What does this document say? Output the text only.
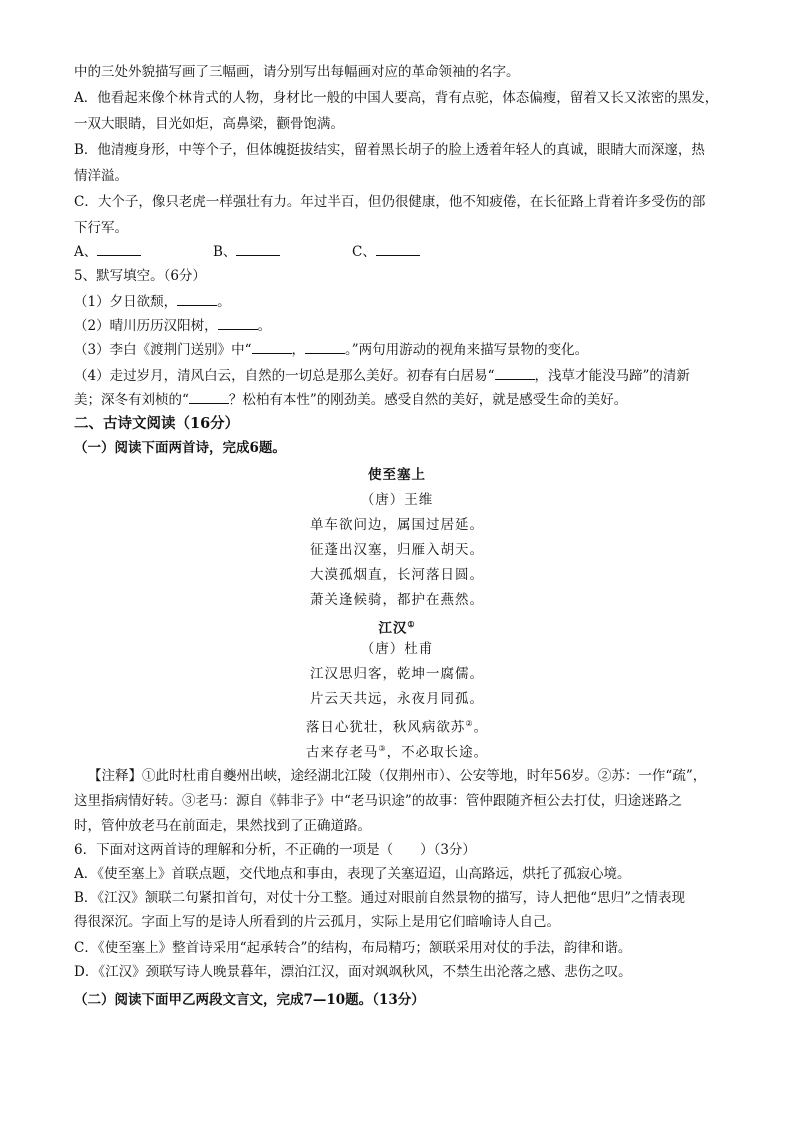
中的三处外貌描写画了三幅画，请分别写出每幅画对应的革命领袖的名字。
A．他看起来像个林肯式的人物，身材比一般的中国人要高，背有点驼，体态偏瘦，留着又长又浓密的黑发，
一双大眼睛，目光如炬，高鼻梁，颧骨饱满。
B．他清瘦身形，中等个子，但体魄挺拔结实，留着黑长胡子的脸上透着年轻人的真诚，眼睛大而深邃，热
情洋溢。
C．大个子，像只老虎一样强壮有力。年过半百，但仍很健康，他不知疲倦，在长征路上背着许多受伤的部
下行军。
A、	B、	C、
5、默写填空。（6分）
（1）夕日欲颓，	。
（2）晴川历历汉阳树，	。
（3）李白《渡荆门送别》中“	，	。”两句用游动的视角来描写景物的变化。
（4）走过岁月，清风白云，自然的一切总是那么美好。初春有白居易“	，浅草才能没马蹄”的清新
美；深冬有刘桢的“	？松柏有本性”的刚劲美。感受自然的美好，就是感受生命的美好。
二、古诗文阅读（16分）
（一）阅读下面两首诗，完成6题。
使至塞上
（唐）王维
单车欲问边，属国过居延。
征蓬出汉塞，归雁入胡天。
大漠孤烟直，长河落日圆。
萧关逢候骑，都护在燕然。
江汉①
（唐）杜甫
江汉思归客，乾坤一腐儒。
片云天共远，永夜月同孤。
落日心犹壮，秋风病欲苏②。
古来存老马③，不必取长途。
【注释】①此时杜甫自夔州出峡，途经湖北江陵（仅荆州市）、公安等地，时年56岁。②苏：一作“疏”，
这里指病情好转。③老马：源自《韩非子》中“老马识途”的故事：管仲跟随齐桓公去打仗，归途迷路之
时，管仲放老马在前面走，果然找到了正确道路。
6．下面对这两首诗的理解和分析，不正确的一项是（　　）（3分）
A．《使至塞上》首联点题，交代地点和事由，表现了关塞迢迢，山高路远，烘托了孤寂心境。
B．《江汉》颔联二句紧扣首句，对仗十分工整。通过对眼前自然景物的描写，诗人把他“思归”之情表现
得很深沉。字面上写的是诗人所看到的片云孤月，实际上是用它们暗喻诗人自己。
C．《使至塞上》整首诗采用“起承转合”的结构，布局精巧；颔联采用对仗的手法，韵律和谐。
D．《江汉》颈联写诗人晚景暮年，漂泊江汉，面对飒飒秋风，不禁生出沦落之感、悲伤之叹。
（二）阅读下面甲乙两段文言文，完成7—10题。（13分）
